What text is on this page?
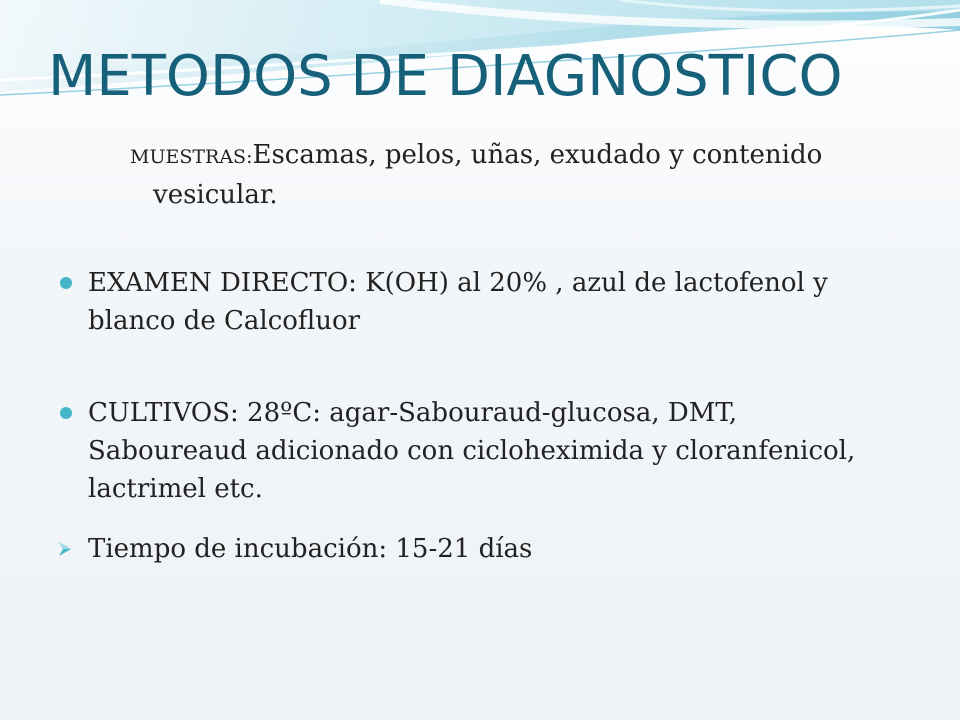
METODOS DE DIAGNOSTICO
MUESTRAS:Escamas, pelos, uñas, exudado y contenido
vesicular.
EXAMEN DIRECTO: K(OH) al 20% , azul de lactofenol y
blanco de Calcofluor
CULTIVOS: 28ºC: agar-Sabouraud-glucosa, DMT,
Saboureaud adicionado con cicloheximida y cloranfenicol,
lactrimel etc.
Tiempo de incubación: 15-21 días
